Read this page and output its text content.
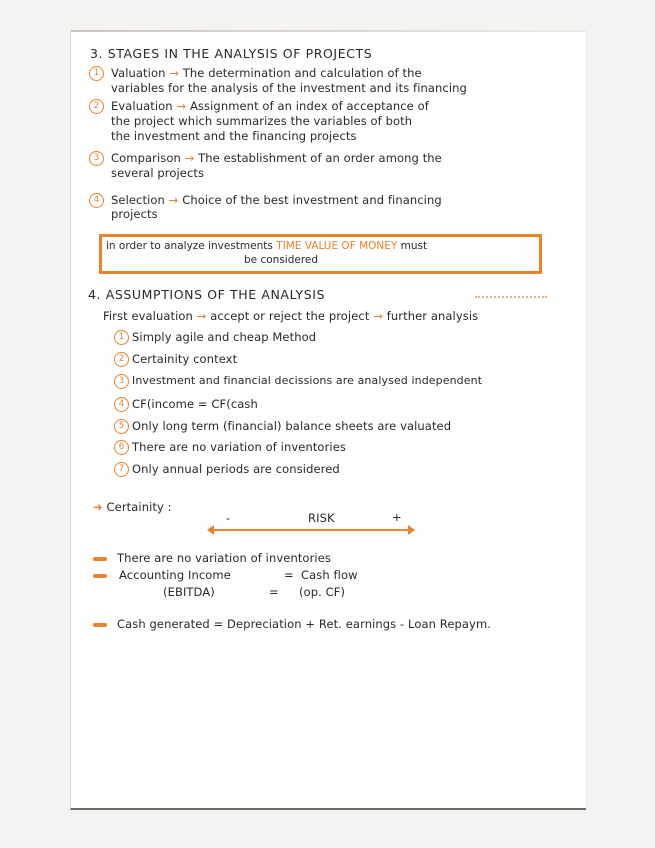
3. STAGES IN THE ANALYSIS OF PROJECTS
1	Valuation → The determination and calculation of the
variables for the analysis of the investment and its financing
2	Evaluation → Assignment of an index of acceptance of
the project which summarizes the variables of both
the investment and the financing projects
3	Comparison → The establishment of an order among the
several projects
4	Selection → Choice of the best investment and financing
projects
in order to analyze investments TIME VALUE OF MONEY must
be considered
4. ASSUMPTIONS OF THE ANALYSIS
First evaluation → accept or reject the project → further analysis
1 Simply agile and cheap Method
2 Certainity context
3 Investment and financial decissions are analysed independent
4 CF(income = CF(cash
5 Only long term (financial) balance sheets are valuated
6 There are no variation of inventories
7 Only annual periods are considered
➜ Certainity :
-	RISK	+
There are no variation of inventories
Accounting Income	= Cash flow
(EBITDA)	= (op. CF)
Cash generated = Depreciation + Ret. earnings - Loan Repaym.
